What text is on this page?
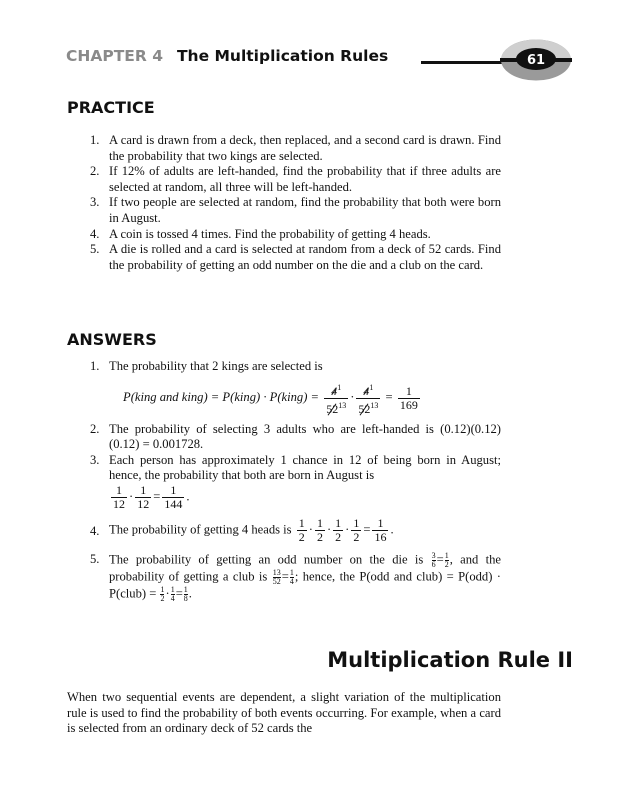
CHAPTER 4 The Multiplication Rules	61
PRACTICE
1. A card is drawn from a deck, then replaced, and a second card is drawn. Find the probability that two kings are selected.
2. If 12% of adults are left-handed, find the probability that if three adults are selected at random, all three will be left-handed.
3. If two people are selected at random, find the probability that both were born in August.
4. A coin is tossed 4 times. Find the probability of getting 4 heads.
5. A die is rolled and a card is selected at random from a deck of 52 cards. Find the probability of getting an odd number on the die and a club on the card.
ANSWERS
1. The probability that 2 kings are selected is
P(king and king) = P(king) · P(king) =
$\frac{4^1}{52^{13}} \cdot \frac{4^1}{52^{13}} = \frac{1}{169}$
2. The probability of selecting 3 adults who are left-handed is (0.12)(0.12)(0.12) = 0.001728.
3. Each person has approximately 1 chance in 12 of being born in August; hence, the probability that both are born in August is

$\frac{1}{12} \cdot \frac{1}{12} = \frac{1}{144}$ .
4. The probability of getting 4 heads is $\frac{1}{2} \cdot \frac{1}{2} \cdot \frac{1}{2} \cdot \frac{1}{2} = \frac{1}{16}$ .
5. The probability of getting an odd number on the die is $\frac{3}{6} = \frac{1}{2}$ , and the probability of getting a club is $\frac{13}{52} = \frac{1}{4}$ ; hence, the P(odd and club) = P(odd) · P(club) = $\frac{1}{2} \cdot \frac{1}{4} = \frac{1}{8}$ .
Multiplication Rule II
When two sequential events are dependent, a slight variation of the multiplication rule is used to find the probability of both events occurring. For example, when a card is selected from an ordinary deck of 52 cards the
